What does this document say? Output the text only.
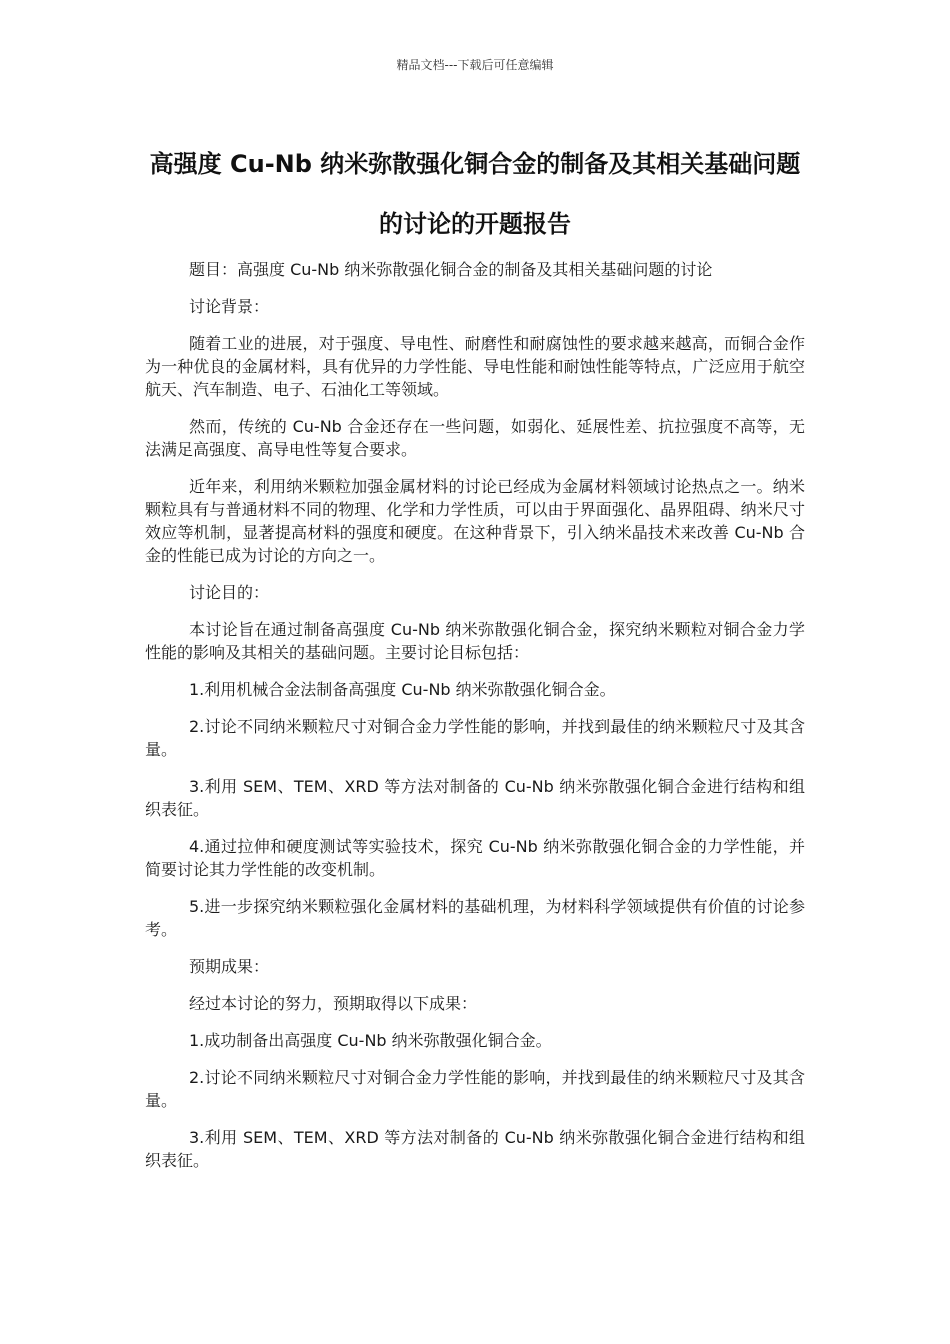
精品文档---下载后可任意编辑
高强度 Cu-Nb 纳米弥散强化铜合金的制备及其相关基础问题的讨论的开题报告

题目：高强度 Cu-Nb 纳米弥散强化铜合金的制备及其相关基础问题的讨论

讨论背景：

随着工业的进展，对于强度、导电性、耐磨性和耐腐蚀性的要求越来越高，而铜合金作为一种优良的金属材料，具有优异的力学性能、导电性能和耐蚀性能等特点，广泛应用于航空航天、汽车制造、电子、石油化工等领域。

然而，传统的 Cu-Nb 合金还存在一些问题，如弱化、延展性差、抗拉强度不高等，无法满足高强度、高导电性等复合要求。

近年来，利用纳米颗粒加强金属材料的讨论已经成为金属材料领域讨论热点之一。纳米颗粒具有与普通材料不同的物理、化学和力学性质，可以由于界面强化、晶界阻碍、纳米尺寸效应等机制，显著提高材料的强度和硬度。在这种背景下，引入纳米晶技术来改善 Cu-Nb 合金的性能已成为讨论的方向之一。

讨论目的：

本讨论旨在通过制备高强度 Cu-Nb 纳米弥散强化铜合金，探究纳米颗粒对铜合金力学性能的影响及其相关的基础问题。主要讨论目标包括：

1.利用机械合金法制备高强度 Cu-Nb 纳米弥散强化铜合金。

2.讨论不同纳米颗粒尺寸对铜合金力学性能的影响，并找到最佳的纳米颗粒尺寸及其含量。

3.利用 SEM、TEM、XRD 等方法对制备的 Cu-Nb 纳米弥散强化铜合金进行结构和组织表征。

4.通过拉伸和硬度测试等实验技术，探究 Cu-Nb 纳米弥散强化铜合金的力学性能，并简要讨论其力学性能的改变机制。

5.进一步探究纳米颗粒强化金属材料的基础机理，为材料科学领域提供有价值的讨论参考。

预期成果：

经过本讨论的努力，预期取得以下成果：

1.成功制备出高强度 Cu-Nb 纳米弥散强化铜合金。

2.讨论不同纳米颗粒尺寸对铜合金力学性能的影响，并找到最佳的纳米颗粒尺寸及其含量。

3.利用 SEM、TEM、XRD 等方法对制备的 Cu-Nb 纳米弥散强化铜合金进行结构和组织表征。
